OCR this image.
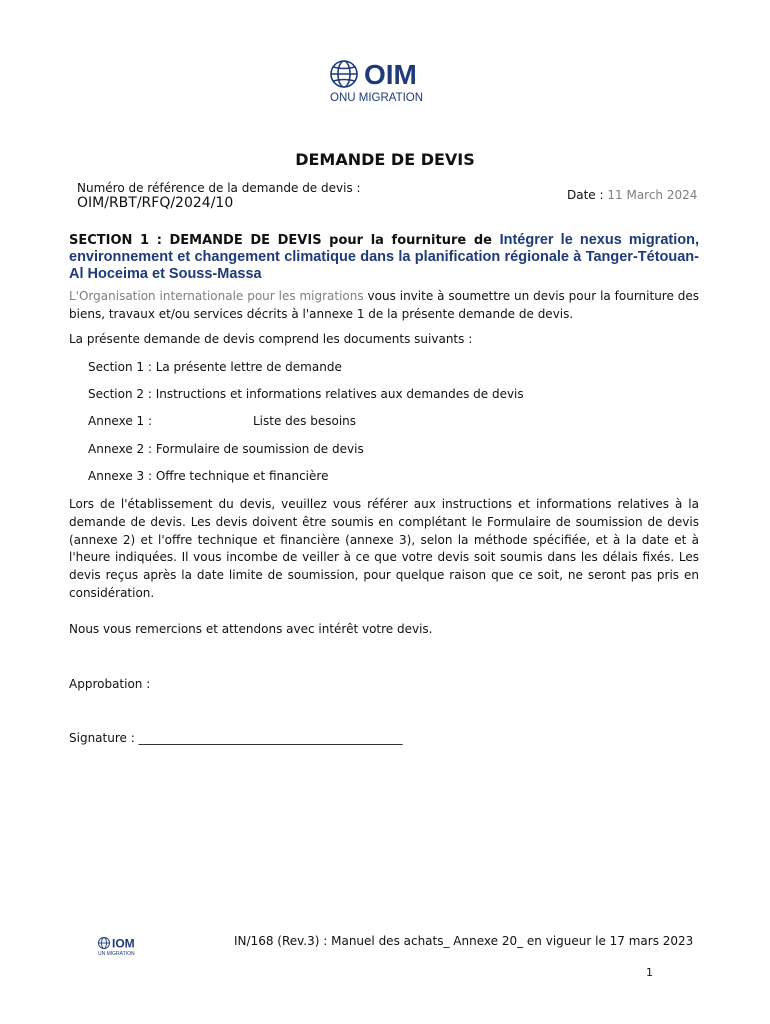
OIM
ONU MIGRATION
DEMANDE DE DEVIS
Numéro de référence de la demande de devis :
OIM/RBT/RFQ/2024/10	Date : 11 March 2024
SECTION 1 : DEMANDE DE DEVIS pour la fourniture de Intégrer le nexus migration, environnement et changement climatique dans la planification régionale à Tanger-Tétouan-Al Hoceima et Souss-Massa
L'Organisation internationale pour les migrations vous invite à soumettre un devis pour la fourniture des biens, travaux et/ou services décrits à l'annexe 1 de la présente demande de devis.
La présente demande de devis comprend les documents suivants :
Section 1 : La présente lettre de demande
Section 2 : Instructions et informations relatives aux demandes de devis
Annexe 1 :	Liste des besoins
Annexe 2 : Formulaire de soumission de devis
Annexe 3 : Offre technique et financière
Lors de l'établissement du devis, veuillez vous référer aux instructions et informations relatives à la demande de devis. Les devis doivent être soumis en complétant le Formulaire de soumission de devis (annexe 2) et l'offre technique et financière (annexe 3), selon la méthode spécifiée, et à la date et à l'heure indiquées. Il vous incombe de veiller à ce que votre devis soit soumis dans les délais fixés. Les devis reçus après la date limite de soumission, pour quelque raison que ce soit, ne seront pas pris en considération.
Nous vous remercions et attendons avec intérêt votre devis.
Approbation :
Signature : ____________________________________________
IOM
UN MIGRATION
IN/168 (Rev.3) : Manuel des achats_ Annexe 20_ en vigueur le 17 mars 2023
1
